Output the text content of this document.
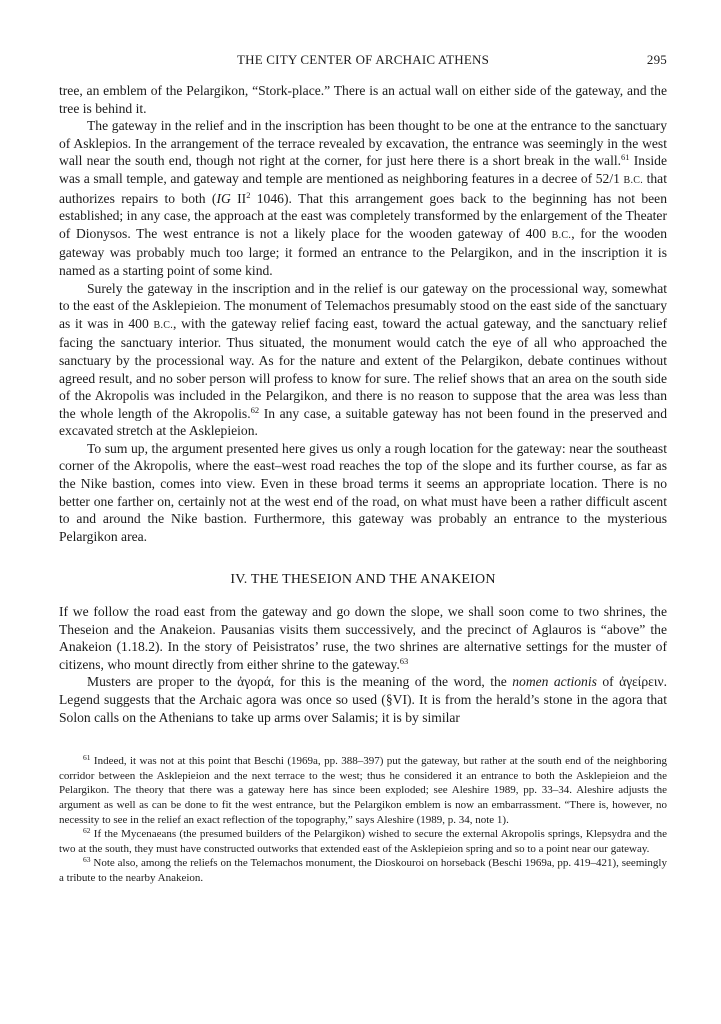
THE CITY CENTER OF ARCHAIC ATHENS	295

tree, an emblem of the Pelargikon, “Stork-place.” There is an actual wall on either side of the gateway, and the tree is behind it.

The gateway in the relief and in the inscription has been thought to be one at the entrance to the sanctuary of Asklepios. In the arrangement of the terrace revealed by excavation, the entrance was seemingly in the west wall near the south end, though not right at the corner, for just here there is a short break in the wall.$^{61}$ Inside was a small temple, and gateway and temple are mentioned as neighboring features in a decree of 52/1 B.C. that authorizes repairs to both (IG $II^2$ 1046). That this arrangement goes back to the beginning has not been established; in any case, the approach at the east was completely transformed by the enlargement of the Theater of Dionysos. The west entrance is not a likely place for the wooden gateway of 400 B.C., for the wooden gateway was probably much too large; it formed an entrance to the Pelargikon, and in the inscription it is named as a starting point of some kind.

Surely the gateway in the inscription and in the relief is our gateway on the processional way, somewhat to the east of the Asklepieion. The monument of Telemachos presumably stood on the east side of the sanctuary as it was in 400 B.C., with the gateway relief facing east, toward the actual gateway, and the sanctuary relief facing the sanctuary interior. Thus situated, the monument would catch the eye of all who approached the sanctuary by the processional way. As for the nature and extent of the Pelargikon, debate continues without agreed result, and no sober person will profess to know for sure. The relief shows that an area on the south side of the Akropolis was included in the Pelargikon, and there is no reason to suppose that the area was less than the whole length of the Akropolis.$^{62}$ In any case, a suitable gateway has not been found in the preserved and excavated stretch at the Asklepieion.

To sum up, the argument presented here gives us only a rough location for the gateway: near the southeast corner of the Akropolis, where the east–west road reaches the top of the slope and its further course, as far as the Nike bastion, comes into view. Even in these broad terms it seems an appropriate location. There is no better one farther on, certainly not at the west end of the road, on what must have been a rather difficult ascent to and around the Nike bastion. Furthermore, this gateway was probably an entrance to the mysterious Pelargikon area.

IV. THE THESEION AND THE ANAKEION

If we follow the road east from the gateway and go down the slope, we shall soon come to two shrines, the Theseion and the Anakeion. Pausanias visits them successively, and the precinct of Aglauros is “above” the Anakeion (1.18.2). In the story of Peisistratos’ ruse, the two shrines are alternative settings for the muster of citizens, who mount directly from either shrine to the gateway.$^{63}$

Musters are proper to the ἀγορά, for this is the meaning of the word, the nomen actionis of ἀγείρειν. Legend suggests that the Archaic agora was once so used (§VI). It is from the herald’s stone in the agora that Solon calls on the Athenians to take up arms over Salamis; it is by similar

$^{61}$ Indeed, it was not at this point that Beschi (1969a, pp. 388–397) put the gateway, but rather at the south end of the neighboring corridor between the Asklepieion and the next terrace to the west; thus he considered it an entrance to both the Asklepieion and the Pelargikon. The theory that there was a gateway here has since been exploded; see Aleshire 1989, pp. 33–34. Aleshire adjusts the argument as well as can be done to fit the west entrance, but the Pelargikon emblem is now an embarrassment. “There is, however, no necessity to see in the relief an exact reflection of the topography,” says Aleshire (1989, p. 34, note 1).

$^{62}$ If the Mycenaeans (the presumed builders of the Pelargikon) wished to secure the external Akropolis springs, Klepsydra and the two at the south, they must have constructed outworks that extended east of the Asklepieion spring and so to a point near our gateway.

$^{63}$ Note also, among the reliefs on the Telemachos monument, the Dioskouroi on horseback (Beschi 1969a, pp. 419–421), seemingly a tribute to the nearby Anakeion.
